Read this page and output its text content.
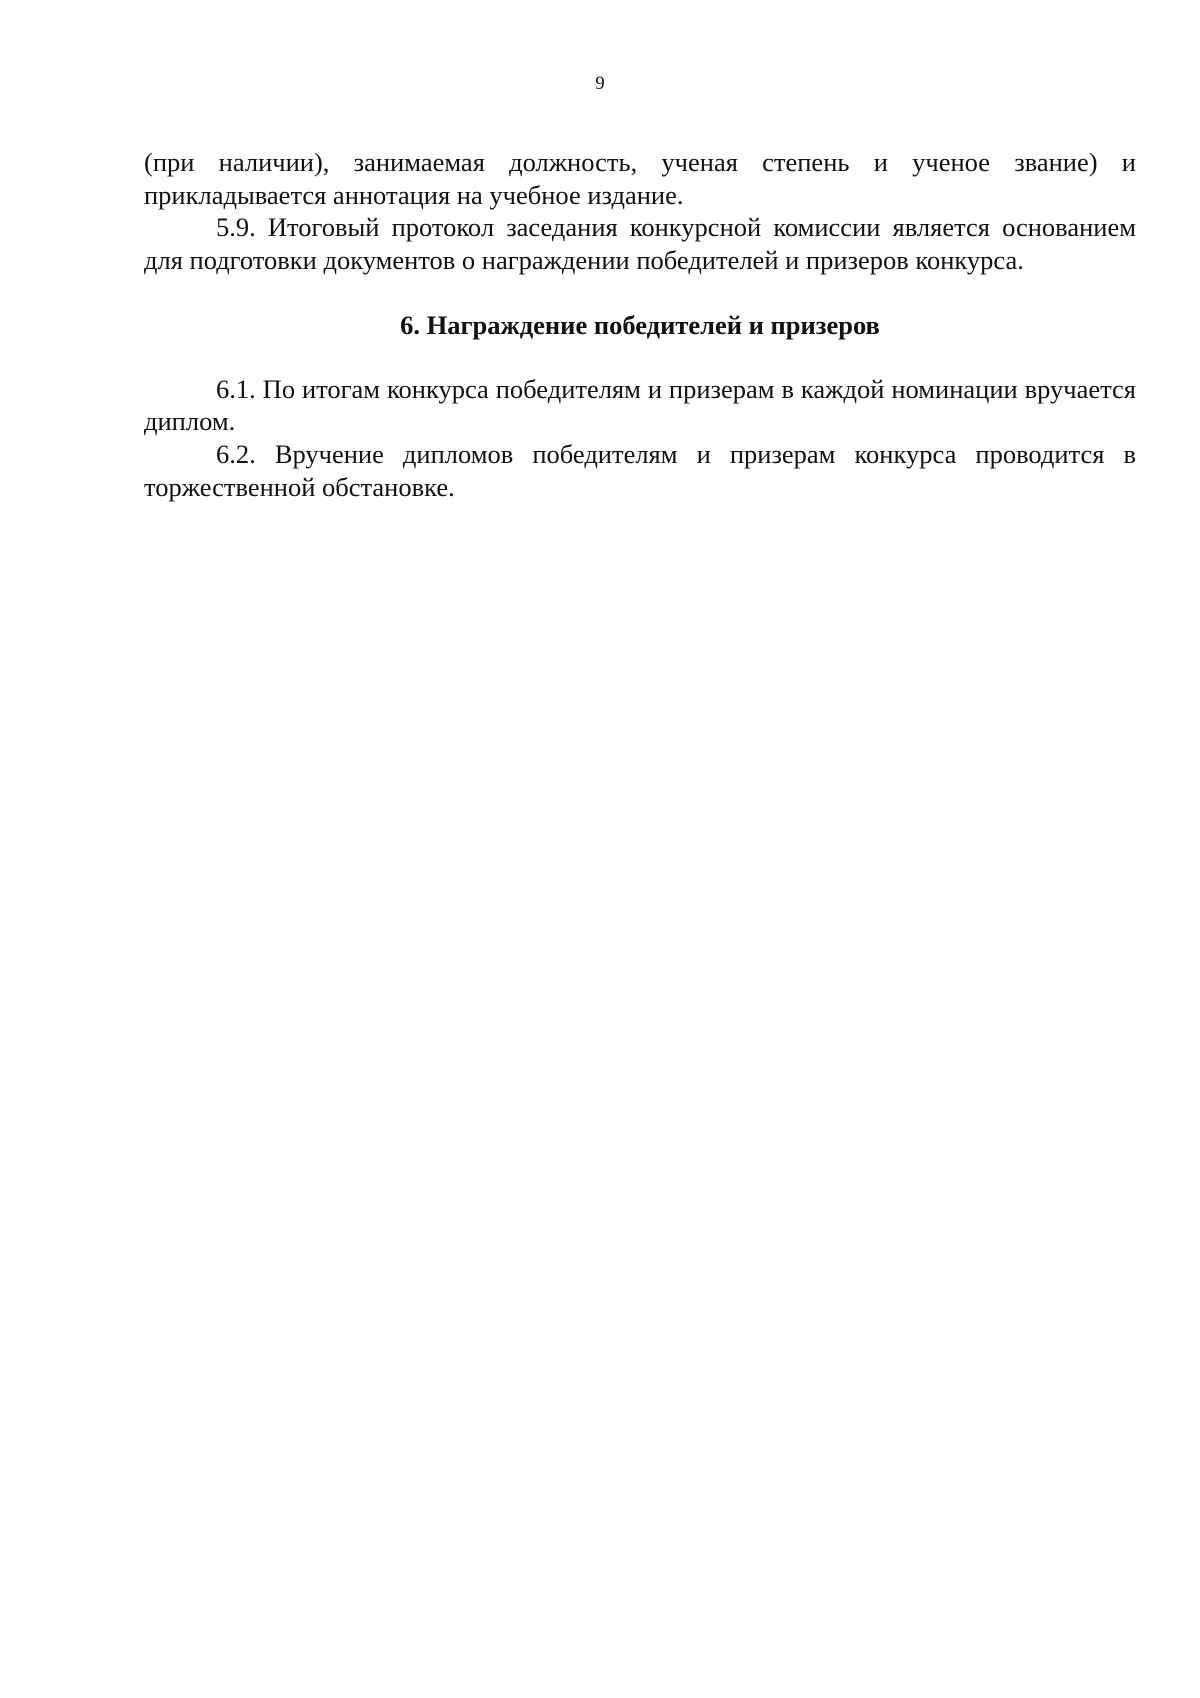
9

(при наличии), занимаемая должность, ученая степень и ученое звание) и прикладывается аннотация на учебное издание.

5.9. Итоговый протокол заседания конкурсной комиссии является основанием для подготовки документов о награждении победителей и призеров конкурса.

6. Награждение победителей и призеров

6.1. По итогам конкурса победителям и призерам в каждой номинации вручается диплом.

6.2. Вручение дипломов победителям и призерам конкурса проводится в торжественной обстановке.
